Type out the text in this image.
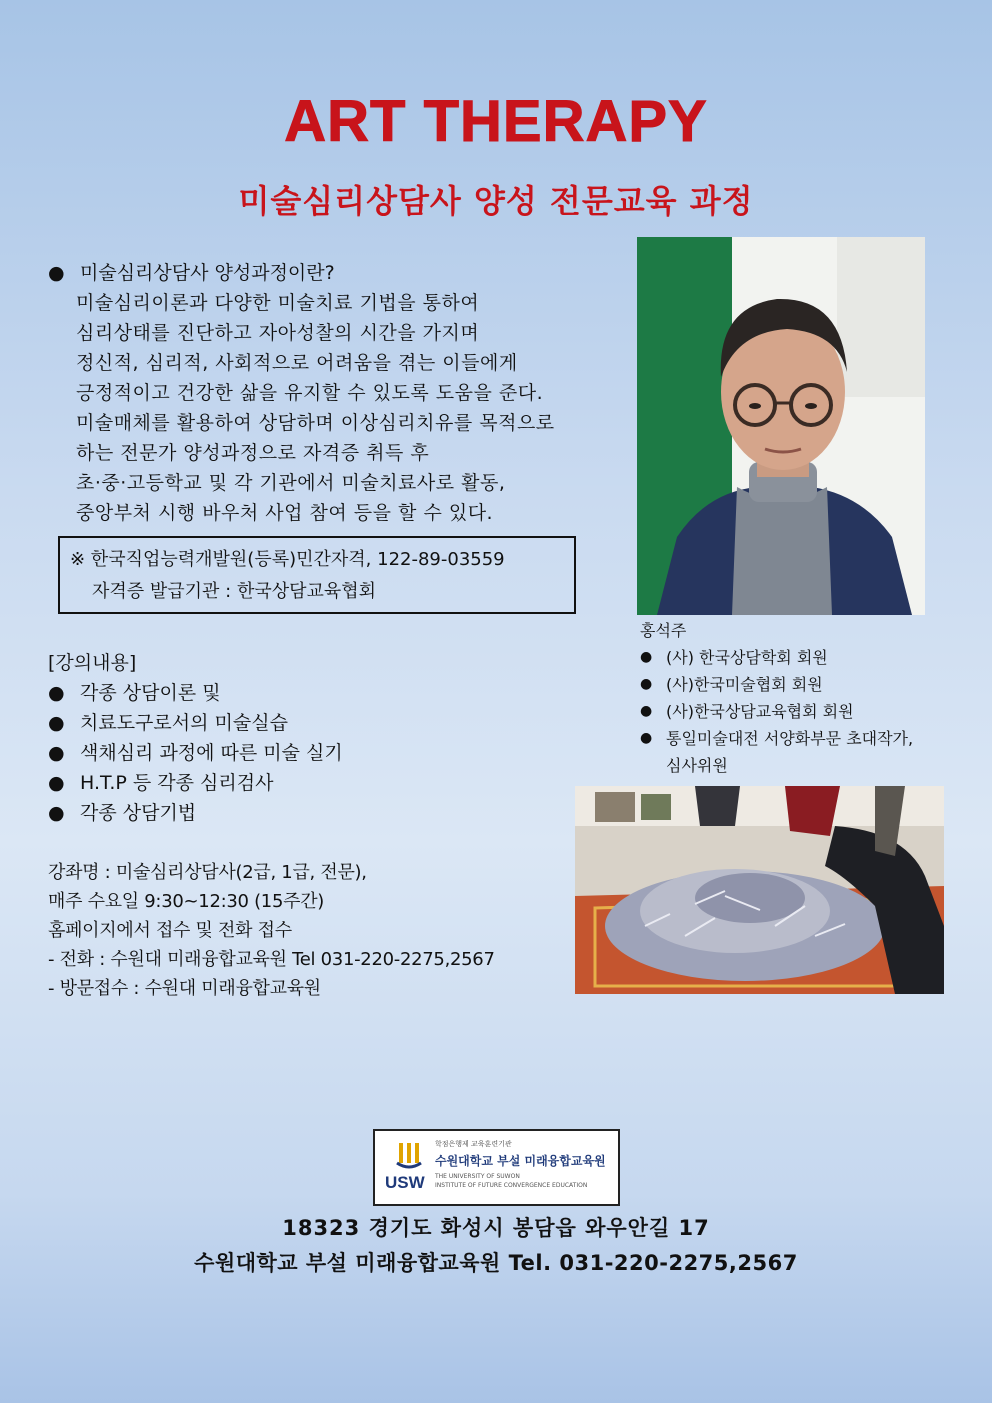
ART THERAPY
미술심리상담사 양성 전문교육 과정
● 미술심리상담사 양성과정이란?
미술심리이론과 다양한 미술치료 기법을 통하여
심리상태를 진단하고 자아성찰의 시간을 가지며
정신적, 심리적, 사회적으로 어려움을 겪는 이들에게
긍정적이고 건강한 삶을 유지할 수 있도록 도움을 준다.
미술매체를 활용하여 상담하며 이상심리치유를 목적으로
하는 전문가 양성과정으로 자격증 취득 후
초·중·고등학교 및 각 기관에서 미술치료사로 활동,
중앙부처 시행 바우처 사업 참여 등을 할 수 있다.
※ 한국직업능력개발원(등록)민간자격, 122-89-03559
자격증 발급기관 : 한국상담교육협회
[강의내용]
● 각종 상담이론 및
● 치료도구로서의 미술실습
● 색채심리 과정에 따른 미술 실기
● H.T.P 등 각종 심리검사
● 각종 상담기법
강좌명 : 미술심리상담사(2급, 1급, 전문),
매주 수요일 9:30~12:30 (15주간)
홈페이지에서 접수 및 전화 접수
- 전화 : 수원대 미래융합교육원 Tel 031-220-2275,2567
- 방문접수 : 수원대 미래융합교육원
홍석주
● (사) 한국상담학회 회원
● (사)한국미술협회 회원
● (사)한국상담교육협회 회원
● 통일미술대전 서양화부문 초대작가,
심사위원
학점은행제 교육훈련기관
USW
수원대학교 부설 미래융합교육원
THE UNIVERSITY OF SUWON
INSTITUTE OF FUTURE CONVERGENCE EDUCATION
18323 경기도 화성시 봉담읍 와우안길 17
수원대학교 부설 미래융합교육원 Tel. 031-220-2275,2567
